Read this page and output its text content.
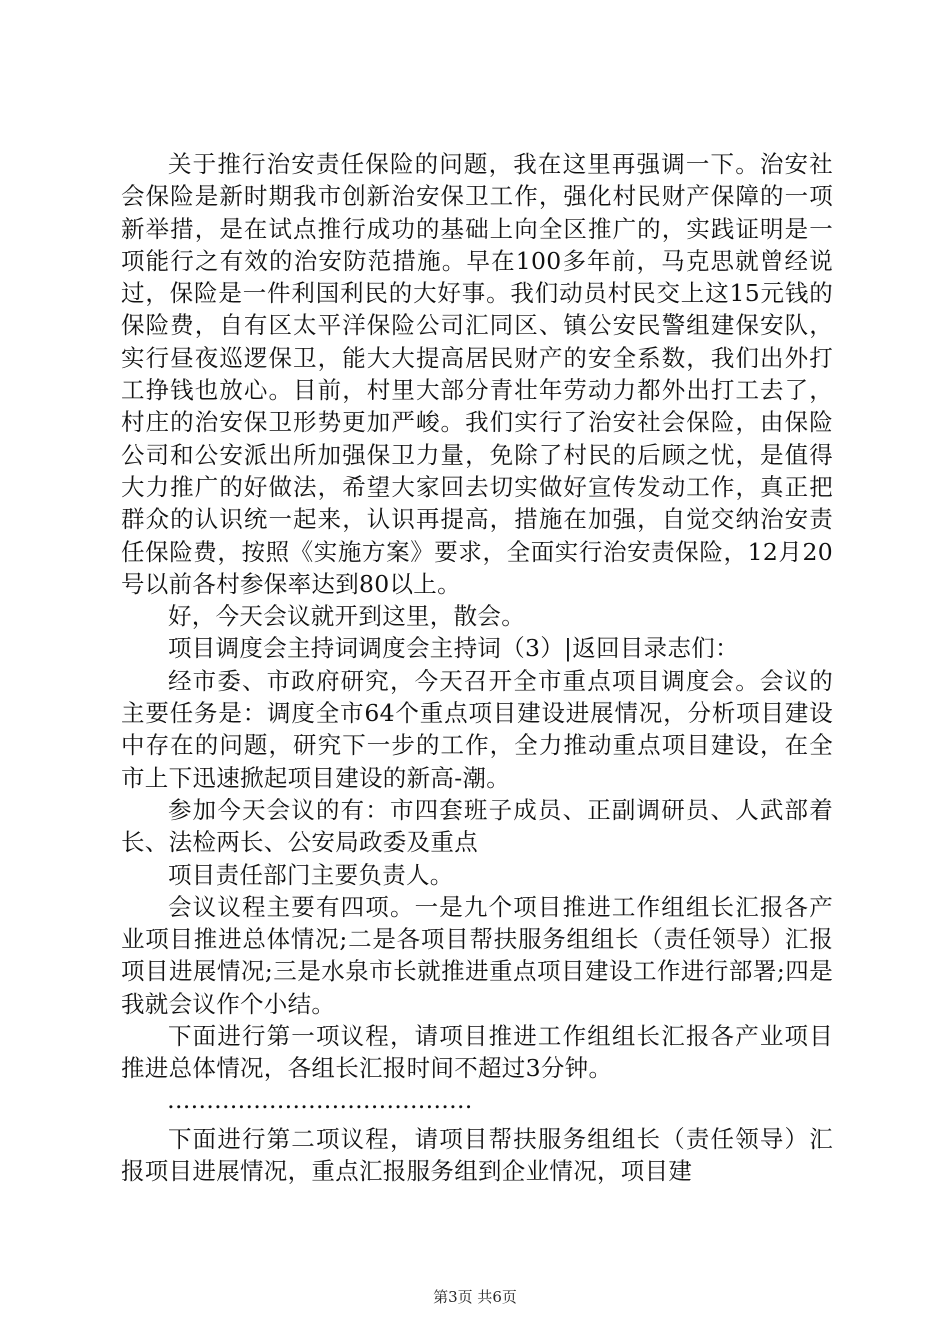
关于推行治安责任保险的问题，我在这里再强调一下。治安社会保险是新时期我市创新治安保卫工作，强化村民财产保障的一项新举措，是在试点推行成功的基础上向全区推广的，实践证明是一项能行之有效的治安防范措施。早在100多年前，马克思就曾经说过，保险是一件利国利民的大好事。我们动员村民交上这15元钱的保险费，自有区太平洋保险公司汇同区、镇公安民警组建保安队，实行昼夜巡逻保卫，能大大提高居民财产的安全系数，我们出外打工挣钱也放心。目前，村里大部分青壮年劳动力都外出打工去了，村庄的治安保卫形势更加严峻。我们实行了治安社会保险，由保险公司和公安派出所加强保卫力量，免除了村民的后顾之忧，是值得大力推广的好做法，希望大家回去切实做好宣传发动工作，真正把群众的认识统一起来，认识再提高，措施在加强，自觉交纳治安责任保险费，按照《实施方案》要求，全面实行治安责保险，12月20号以前各村参保率达到80以上。

好，今天会议就开到这里，散会。

项目调度会主持词调度会主持词（3）|返回目录志们：

经市委、市政府研究，今天召开全市重点项目调度会。会议的主要任务是：调度全市64个重点项目建设进展情况，分析项目建设中存在的问题，研究下一步的工作，全力推动重点项目建设，在全市上下迅速掀起项目建设的新高-潮。

参加今天会议的有：市四套班子成员、正副调研员、人武部着长、法检两长、公安局政委及重点

项目责任部门主要负责人。

会议议程主要有四项。一是九个项目推进工作组组长汇报各产业项目推进总体情况;二是各项目帮扶服务组组长（责任领导）汇报项目进展情况;三是水泉市长就推进重点项目建设工作进行部署;四是我就会议作个小结。

下面进行第一项议程，请项目推进工作组组长汇报各产业项目推进总体情况，各组长汇报时间不超过3分钟。

…………………………………

下面进行第二项议程，请项目帮扶服务组组长（责任领导）汇报项目进展情况，重点汇报服务组到企业情况，项目建

第3页 共6页
